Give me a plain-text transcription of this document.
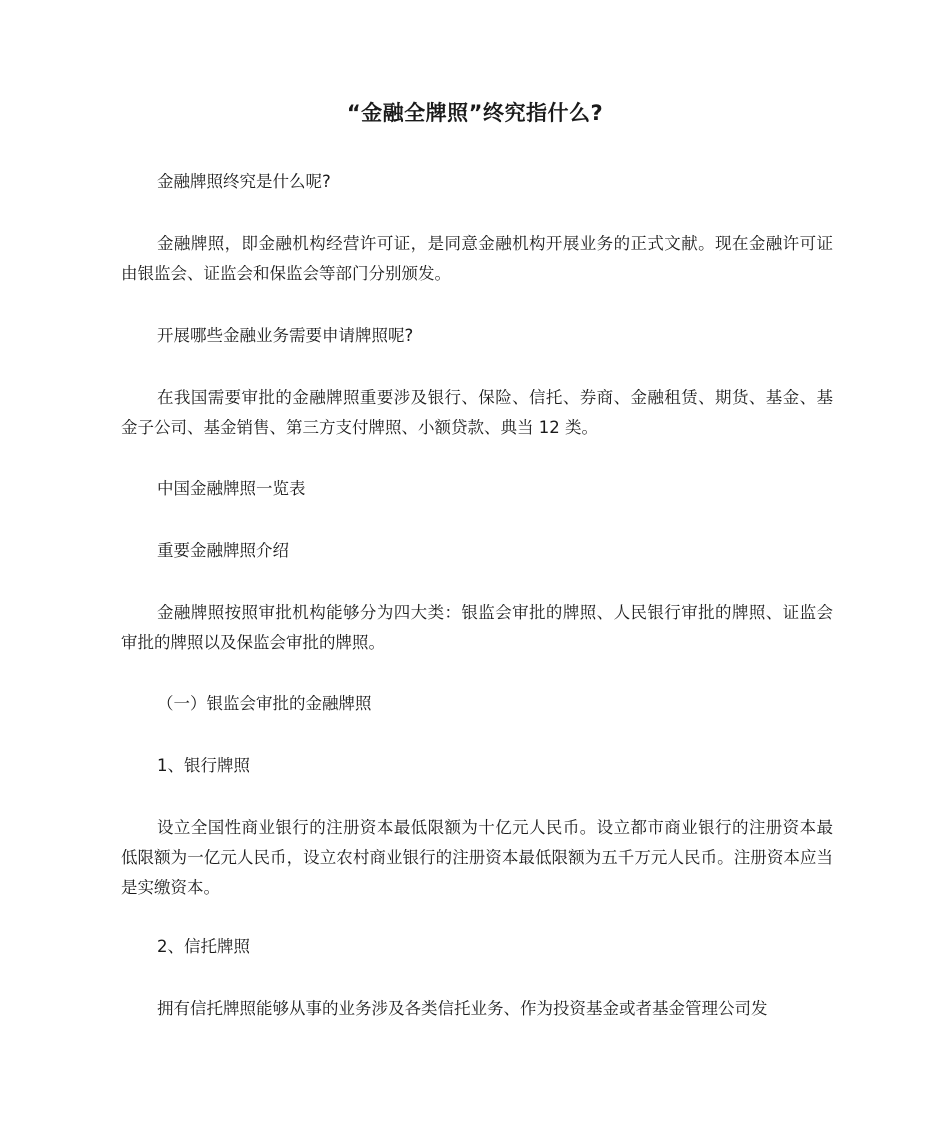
“金融全牌照”终究指什么?

金融牌照终究是什么呢?

金融牌照，即金融机构经营许可证，是同意金融机构开展业务的正式文献。现在金融许可证由银监会、证监会和保监会等部门分别颁发。

开展哪些金融业务需要申请牌照呢?

在我国需要审批的金融牌照重要涉及银行、保险、信托、券商、金融租赁、期货、基金、基金子公司、基金销售、第三方支付牌照、小额贷款、典当 12 类。

中国金融牌照一览表

重要金融牌照介绍

金融牌照按照审批机构能够分为四大类：银监会审批的牌照、人民银行审批的牌照、证监会审批的牌照以及保监会审批的牌照。

（一）银监会审批的金融牌照

1、银行牌照

设立全国性商业银行的注册资本最低限额为十亿元人民币。设立都市商业银行的注册资本最低限额为一亿元人民币，设立农村商业银行的注册资本最低限额为五千万元人民币。注册资本应当是实缴资本。

2、信托牌照

拥有信托牌照能够从事的业务涉及各类信托业务、作为投资基金或者基金管理公司发
